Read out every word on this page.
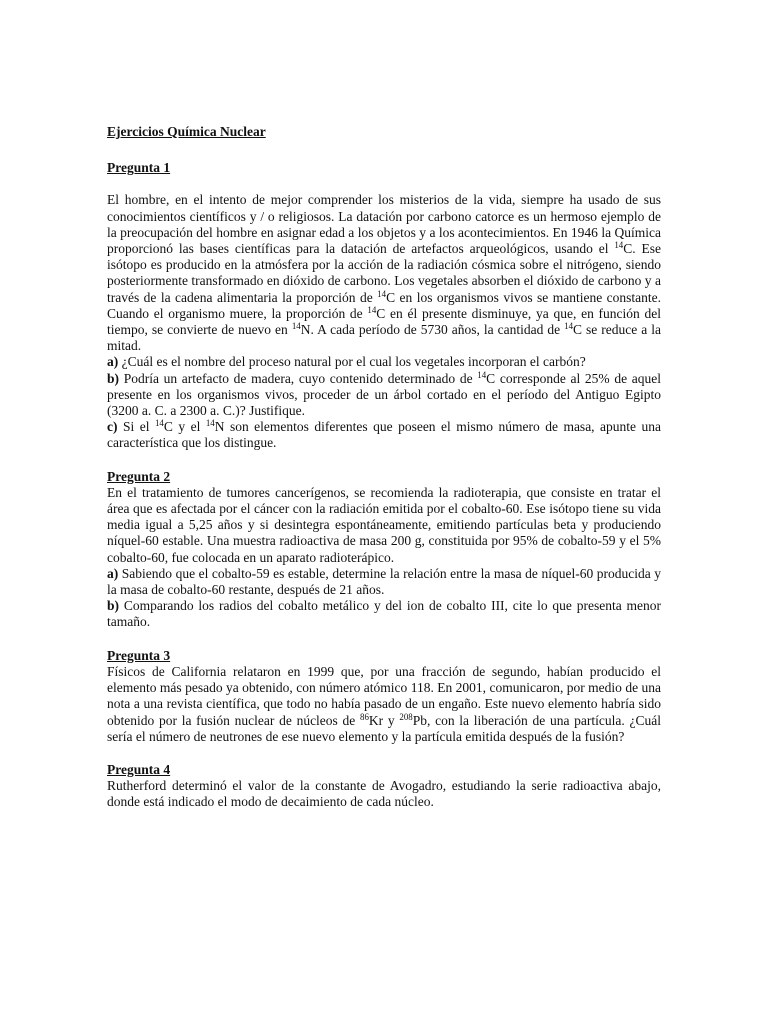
Ejercicios Química Nuclear

Pregunta 1

El hombre, en el intento de mejor comprender los misterios de la vida, siempre ha usado de sus conocimientos científicos y / o religiosos. La datación por carbono catorce es un hermoso ejemplo de la preocupación del hombre en asignar edad a los objetos y a los acontecimientos. En 1946 la Química proporcionó las bases científicas para la datación de artefactos arqueológicos, usando el $^{14}$C. Ese isótopo es producido en la atmósfera por la acción de la radiación cósmica sobre el nitrógeno, siendo posteriormente transformado en dióxido de carbono. Los vegetales absorben el dióxido de carbono y a través de la cadena alimentaria la proporción de $^{14}$C en los organismos vivos se mantiene constante. Cuando el organismo muere, la proporción de $^{14}$C en él presente disminuye, ya que, en función del tiempo, se convierte de nuevo en $^{14}$N. A cada período de 5730 años, la cantidad de $^{14}$C se reduce a la mitad.

a) ¿Cuál es el nombre del proceso natural por el cual los vegetales incorporan el carbón?

b) Podría un artefacto de madera, cuyo contenido determinado de $^{14}$C corresponde al 25% de aquel presente en los organismos vivos, proceder de un árbol cortado en el período del Antiguo Egipto (3200 a. C. a 2300 a. C.)? Justifique.

c) Si el $^{14}$C y el $^{14}$N son elementos diferentes que poseen el mismo número de masa, apunte una característica que los distingue.

Pregunta 2

En el tratamiento de tumores cancerígenos, se recomienda la radioterapia, que consiste en tratar el área que es afectada por el cáncer con la radiación emitida por el cobalto-60. Ese isótopo tiene su vida media igual a 5,25 años y si desintegra espontáneamente, emitiendo partículas beta y produciendo níquel-60 estable. Una muestra radioactiva de masa 200 g, constituida por 95% de cobalto-59 y el 5% cobalto-60, fue colocada en un aparato radioterápico.

a) Sabiendo que el cobalto-59 es estable, determine la relación entre la masa de níquel-60 producida y la masa de cobalto-60 restante, después de 21 años.

b) Comparando los radios del cobalto metálico y del ion de cobalto III, cite lo que presenta menor tamaño.

Pregunta 3

Físicos de California relataron en 1999 que, por una fracción de segundo, habían producido el elemento más pesado ya obtenido, con número atómico 118. En 2001, comunicaron, por medio de una nota a una revista científica, que todo no había pasado de un engaño. Este nuevo elemento habría sido obtenido por la fusión nuclear de núcleos de $^{86}$Kr y $^{208}$Pb, con la liberación de una partícula. ¿Cuál sería el número de neutrones de ese nuevo elemento y la partícula emitida después de la fusión?

Pregunta 4

Rutherford determinó el valor de la constante de Avogadro, estudiando la serie radioactiva abajo, donde está indicado el modo de decaimiento de cada núcleo.
